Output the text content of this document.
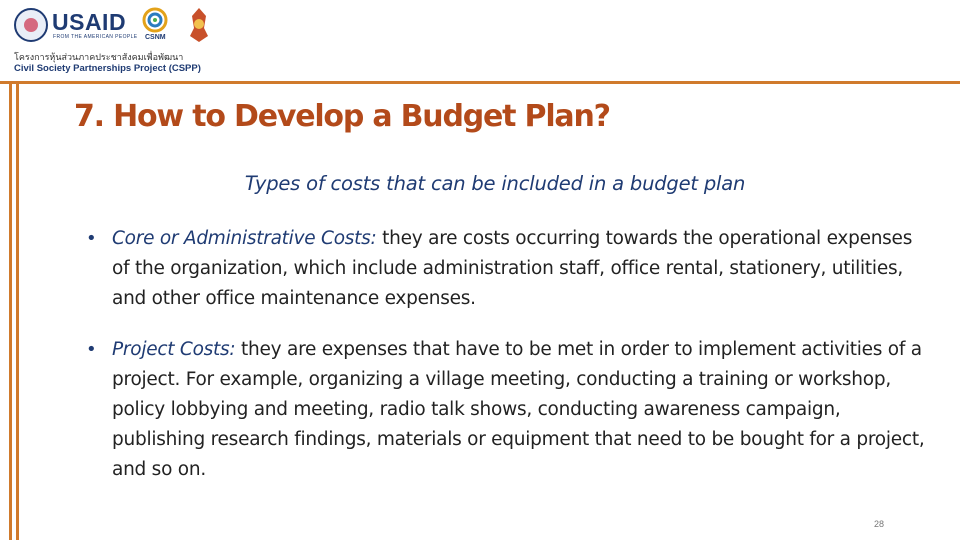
USAID
FROM THE AMERICAN PEOPLE CSNM
โครงการหุ้นส่วนภาคประชาสังคมเพื่อพัฒนา
Civil Society Partnerships Project (CSPP)
7. How to Develop a Budget Plan?
Types of costs that can be included in a budget plan
• Core or Administrative Costs: they are costs occurring towards the operational expenses of the organization, which include administration staff, office rental, stationery, utilities, and other office maintenance expenses.
• Project Costs: they are expenses that have to be met in order to implement activities of a project. For example, organizing a village meeting, conducting a training or workshop, policy lobbying and meeting, radio talk shows, conducting awareness campaign, publishing research findings, materials or equipment that need to be bought for a project, and so on.
28
